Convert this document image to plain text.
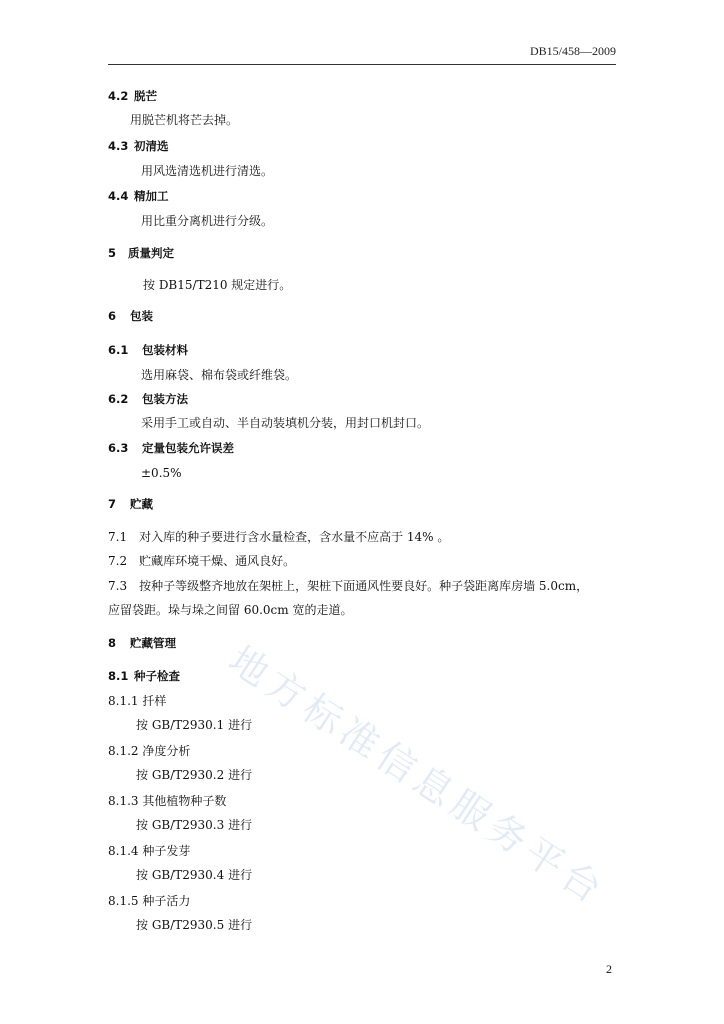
DB15/458—2009
地方标准信息服务平台
4.2 脱芒
用脱芒机将芒去掉。
4.3 初清选
用风选清选机进行清选。
4.4 精加工
用比重分离机进行分级。
5 质量判定
按 DB15/T210 规定进行。
6 包装
6.1 包装材料
选用麻袋、棉布袋或纤维袋。
6.2 包装方法
采用手工或自动、半自动装填机分装，用封口机封口。
6.3 定量包装允许误差
±0.5%
7 贮藏
7.1　对入库的种子要进行含水量检查，含水量不应高于 14% 。
7.2　贮藏库环境干燥、通风良好。
7.3　按种子等级整齐地放在架桩上，架桩下面通风性要良好。种子袋距离库房墙 5.0cm，
应留袋距。垛与垛之间留 60.0cm 宽的走道。
8 贮藏管理
8.1 种子检查
8.1.1 扦样
按 GB/T2930.1 进行
8.1.2 净度分析
按 GB/T2930.2 进行
8.1.3 其他植物种子数
按 GB/T2930.3 进行
8.1.4 种子发芽
按 GB/T2930.4 进行
8.1.5 种子活力
按 GB/T2930.5 进行
2
